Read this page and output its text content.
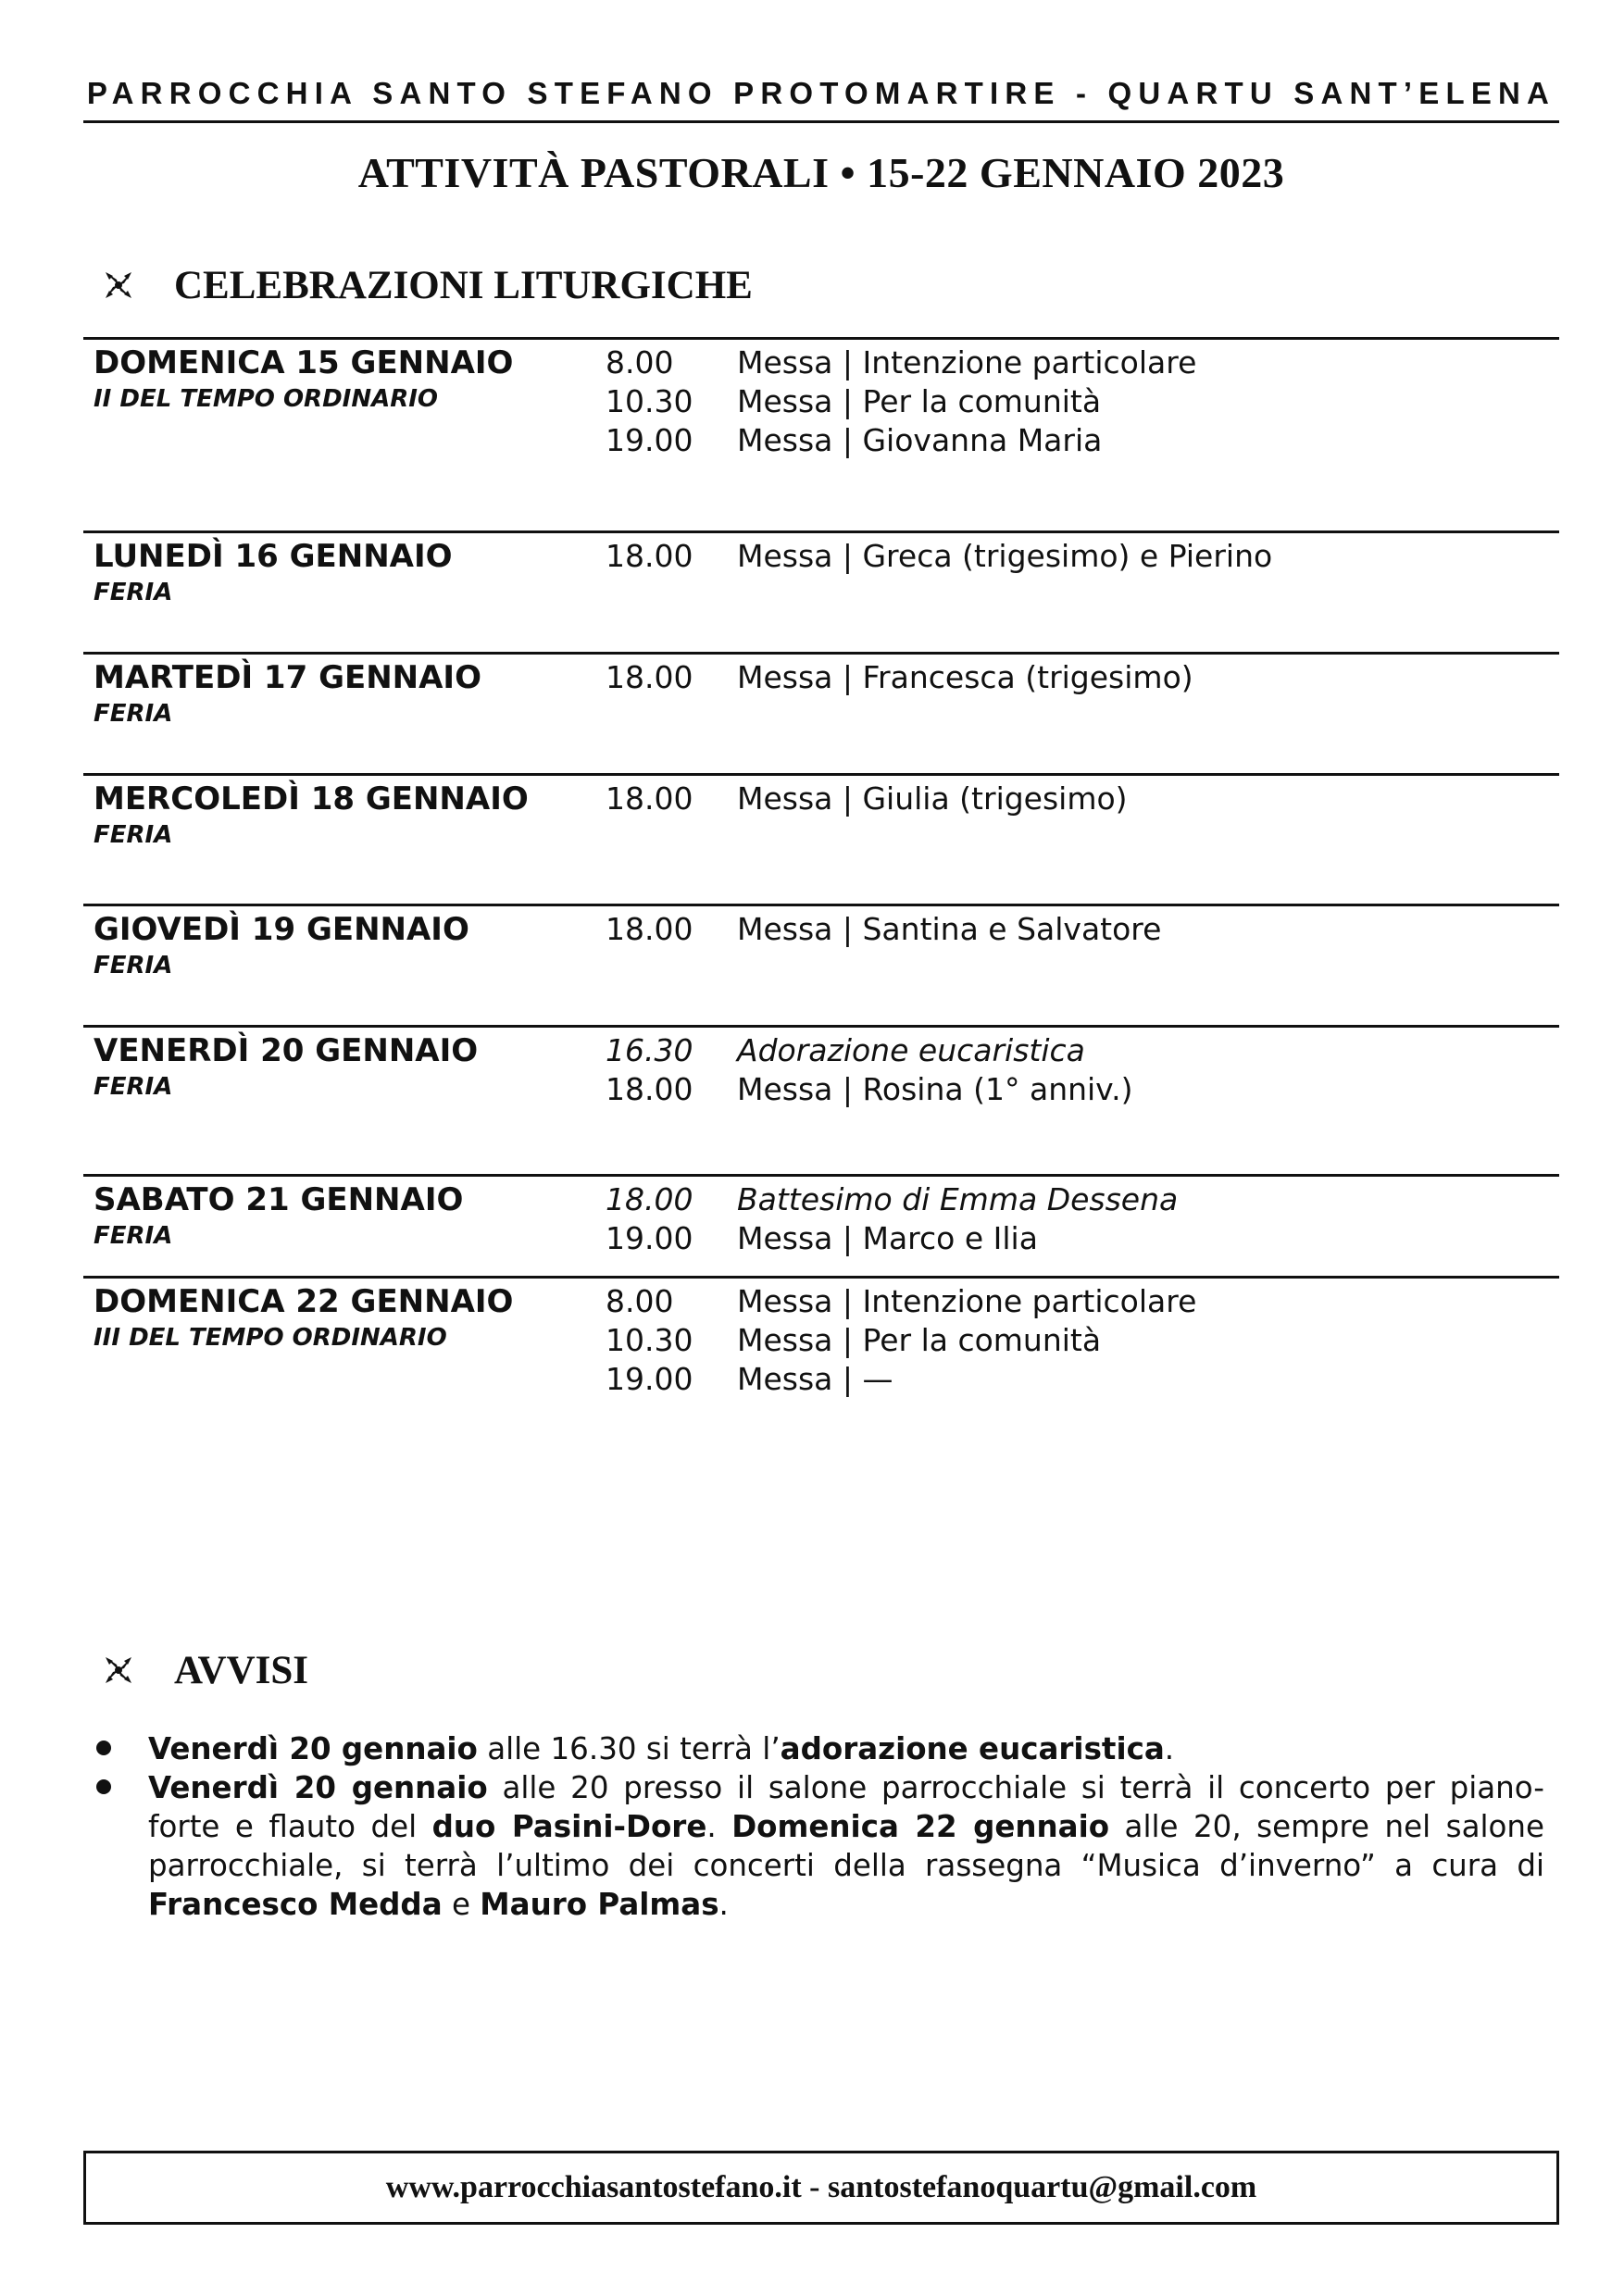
PARROCCHIA SANTO STEFANO PROTOMARTIRE - QUARTU SANT’ELENA
ATTIVITÀ PASTORALI • 15-22 GENNAIO 2023
CELEBRAZIONI LITURGICHE
DOMENICA 15 GENNAIO
II DEL TEMPO ORDINARIO
8.00	Messa | Intenzione particolare
10.30	Messa | Per la comunità
19.00	Messa | Giovanna Maria
LUNEDÌ 16 GENNAIO
FERIA
18.00	Messa | Greca (trigesimo) e Pierino
MARTEDÌ 17 GENNAIO
FERIA
18.00	Messa | Francesca (trigesimo)
MERCOLEDÌ 18 GENNAIO
FERIA
18.00	Messa | Giulia (trigesimo)
GIOVEDÌ 19 GENNAIO
FERIA
18.00	Messa | Santina e Salvatore
VENERDÌ 20 GENNAIO
FERIA
16.30	Adorazione eucaristica
18.00	Messa | Rosina (1° anniv.)
SABATO 21 GENNAIO
FERIA
18.00	Battesimo di Emma Dessena
19.00	Messa | Marco e Ilia
DOMENICA 22 GENNAIO
III DEL TEMPO ORDINARIO
8.00	Messa | Intenzione particolare
10.30	Messa | Per la comunità
19.00	Messa | —
AVVISI
Venerdì 20 gennaio alle 16.30 si terrà l’adorazione eucaristica.
Venerdì 20 gennaio alle 20 presso il salone parrocchiale si terrà il concerto per piano-forte e flauto del duo Pasini-Dore. Domenica 22 gennaio alle 20, sempre nel salone parrocchiale, si terrà l’ultimo dei concerti della rassegna “Musica d’inverno” a cura di Francesco Medda e Mauro Palmas.
www.parrocchiasantostefano.it - santostefanoquartu@gmail.com
